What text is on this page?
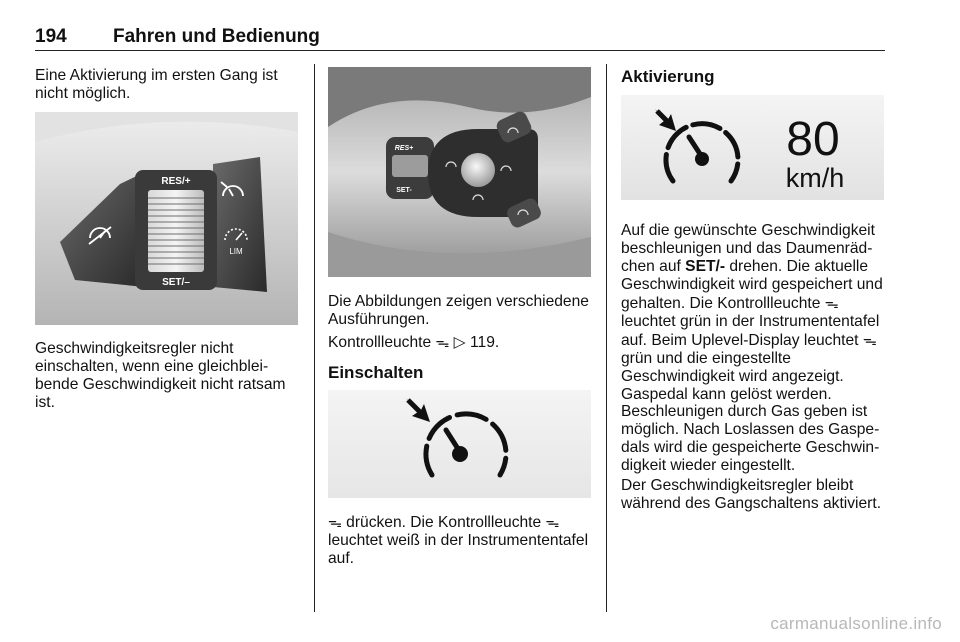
194 Fahren und Bedienung

Eine Aktivierung im ersten Gang ist nicht möglich.

RES/+
SET/–
LIM

Geschwindigkeitsregler nicht einschalten, wenn eine gleichbleibende Geschwindigkeit nicht ratsam ist.

RES+
SET-

Die Abbildungen zeigen verschiedene Ausführungen.

Kontrollleuchte ᯓ ▷ 119.
Einschalten
ᯓ drücken. Die Kontrollleuchte ᯓ leuchtet weiß in der Instrumententafel auf.
Aktivierung
80
km/h
Auf die gewünschte Geschwindigkeit beschleunigen und das Daumenrädchen auf SET/- drehen. Die aktuelle Geschwindigkeit wird gespeichert und gehalten. Die Kontrollleuchte ᯓ leuchtet grün in der Instrumententafel auf. Beim Uplevel-Display leuchtet ᯓ grün und die eingestellte Geschwindigkeit wird angezeigt. Gaspedal kann gelöst werden.

Beschleunigen durch Gas geben ist möglich. Nach Loslassen des Gaspedals wird die gespeicherte Geschwindigkeit wieder eingestellt.

Der Geschwindigkeitsregler bleibt während des Gangschaltens aktiviert.

carmanualsonline.info
